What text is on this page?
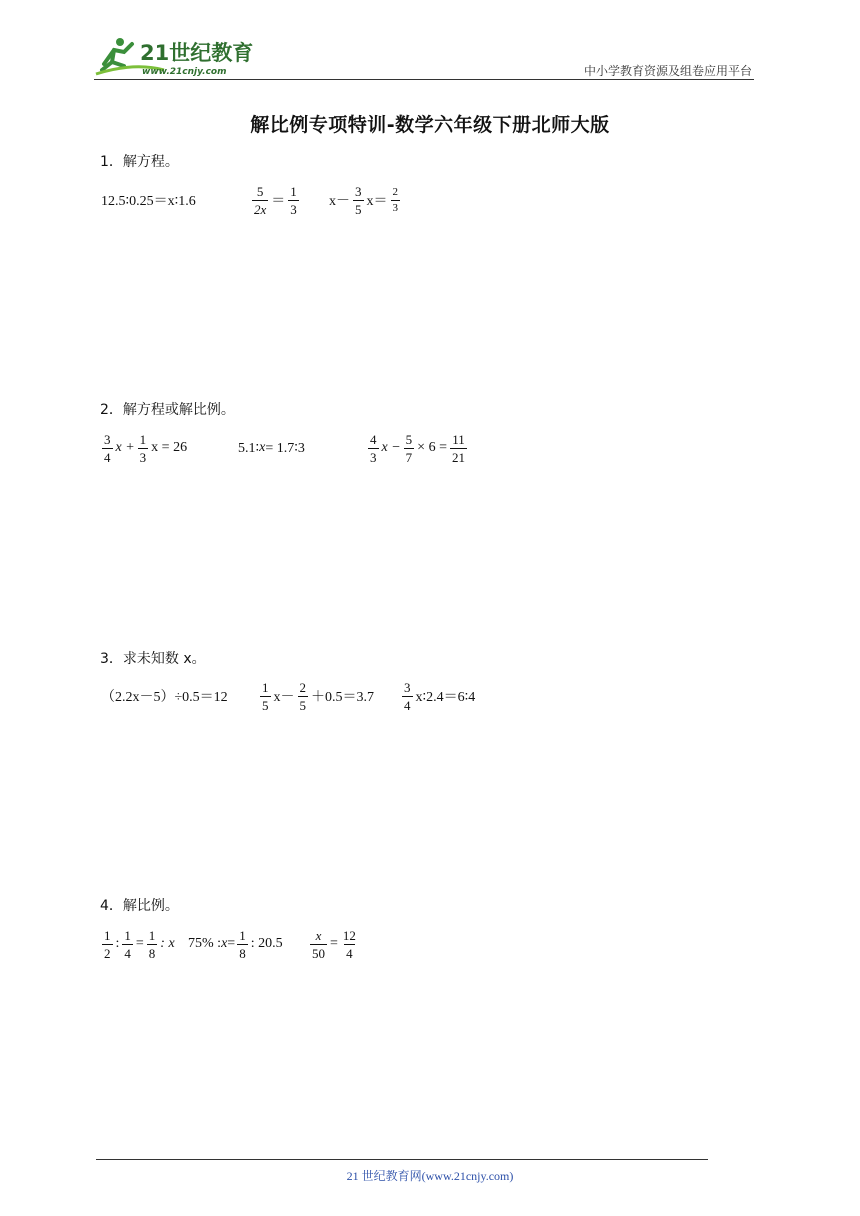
21世纪教育
www.21cnjy.com	中小学教育资源及组卷应用平台
解比例专项特训-数学六年级下册北师大版
1．解方程。
12.5∶0.25＝x∶1.6	$\frac{5}{2x} = \frac{1}{3} x- \frac{3}{5} x= \frac{2}{3}$
2．解方程或解比例。
$\frac{3}{4}$ $x + \frac{1}{3}$ x = 26	5.1∶ x = 1.7∶3	$\frac{4}{3}$ $x - \frac{5}{7} \times 6 = \frac{11}{21}$
3．求未知数 x。
$(2.2x-5)\div 0.5=12 \frac{1}{5} x- \frac{2}{5} +0.5=3.7 \frac{3}{4}$ x∶2.4＝6∶4
4．解比例。
$\frac{1}{2}$ : $\frac{1}{4} = \frac{1}{8}$ : x 75% : $x = \frac{1}{8}$ : $20.5 \frac{x}{50} = \frac{12}{4}$
21 世纪教育网(www.21cnjy.com)
